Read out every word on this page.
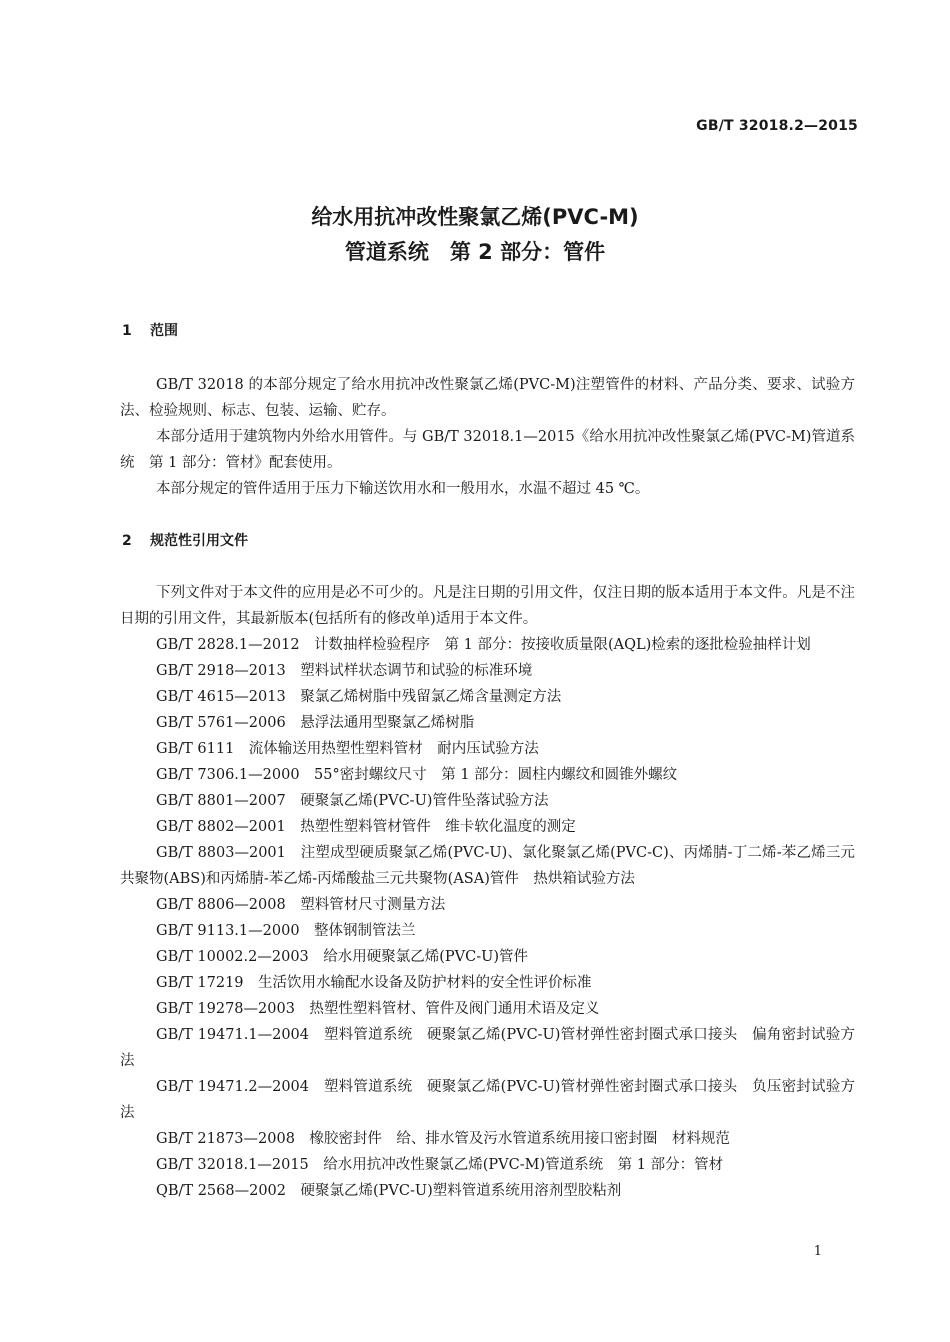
GB/T 32018.2—2015
给水用抗冲改性聚氯乙烯(PVC-M)
管道系统　第 2 部分：管件
1 范围

GB/T 32018 的本部分规定了给水用抗冲改性聚氯乙烯(PVC-M)注塑管件的材料、产品分类、要求、试验方法、检验规则、标志、包装、运输、贮存。

本部分适用于建筑物内外给水用管件。与 GB/T 32018.1—2015《给水用抗冲改性聚氯乙烯(PVC-M)管道系统　第 1 部分：管材》配套使用。

本部分规定的管件适用于压力下输送饮用水和一般用水，水温不超过 45 ℃。

2 规范性引用文件

下列文件对于本文件的应用是必不可少的。凡是注日期的引用文件，仅注日期的版本适用于本文件。凡是不注日期的引用文件，其最新版本(包括所有的修改单)适用于本文件。

GB/T 2828.1—2012　计数抽样检验程序　第 1 部分：按接收质量限(AQL)检索的逐批检验抽样计划

GB/T 2918—2013　塑料试样状态调节和试验的标准环境

GB/T 4615—2013　聚氯乙烯树脂中残留氯乙烯含量测定方法

GB/T 5761—2006　悬浮法通用型聚氯乙烯树脂

GB/T 6111　流体输送用热塑性塑料管材　耐内压试验方法

GB/T 7306.1—2000　55°密封螺纹尺寸　第 1 部分：圆柱内螺纹和圆锥外螺纹

GB/T 8801—2007　硬聚氯乙烯(PVC-U)管件坠落试验方法

GB/T 8802—2001　热塑性塑料管材管件　维卡软化温度的测定

GB/T 8803—2001　注塑成型硬质聚氯乙烯(PVC-U)、氯化聚氯乙烯(PVC-C)、丙烯腈-丁二烯-苯乙烯三元共聚物(ABS)和丙烯腈-苯乙烯-丙烯酸盐三元共聚物(ASA)管件　热烘箱试验方法

GB/T 8806—2008　塑料管材尺寸测量方法

GB/T 9113.1—2000　整体钢制管法兰

GB/T 10002.2—2003　给水用硬聚氯乙烯(PVC-U)管件

GB/T 17219　生活饮用水输配水设备及防护材料的安全性评价标准

GB/T 19278—2003　热塑性塑料管材、管件及阀门通用术语及定义

GB/T 19471.1—2004　塑料管道系统　硬聚氯乙烯(PVC-U)管材弹性密封圈式承口接头　偏角密封试验方法

GB/T 19471.2—2004　塑料管道系统　硬聚氯乙烯(PVC-U)管材弹性密封圈式承口接头　负压密封试验方法

GB/T 21873—2008　橡胶密封件　给、排水管及污水管道系统用接口密封圈　材料规范

GB/T 32018.1—2015　给水用抗冲改性聚氯乙烯(PVC-M)管道系统　第 1 部分：管材

QB/T 2568—2002　硬聚氯乙烯(PVC-U)塑料管道系统用溶剂型胶粘剂

1
